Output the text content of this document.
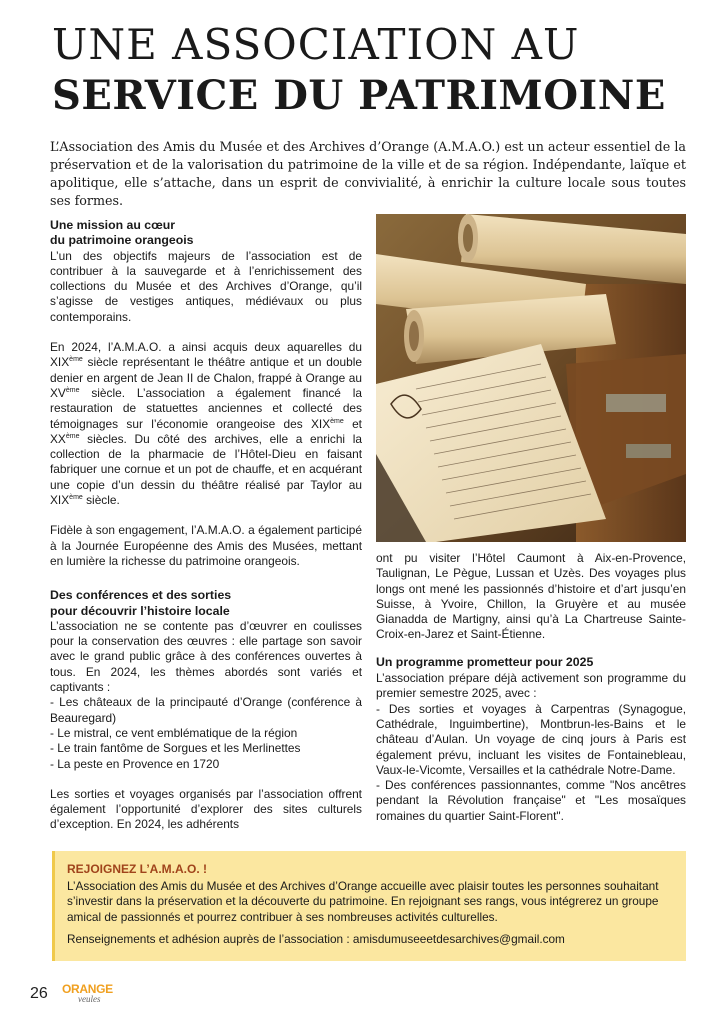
UNE ASSOCIATION AU
SERVICE DU PATRIMOINE
L’Association des Amis du Musée et des Archives d’Orange (A.M.A.O.) est un acteur essentiel de la préservation et de la valorisation du patrimoine de la ville et de sa région. Indépendante, laïque et apolitique, elle s’attache, dans un esprit de convivialité, à enrichir la culture locale sous toutes ses formes.
Une mission au cœur
du patrimoine orangeois

L’un des objectifs majeurs de l’association est de contribuer à la sauvegarde et à l’enrichissement des collections du Musée et des Archives d’Orange, qu’il s’agisse de vestiges antiques, médiévaux ou plus contemporains.

En 2024, l’A.M.A.O. a ainsi acquis deux aquarelles du XIXème siècle représentant le théâtre antique et un double denier en argent de Jean II de Chalon, frappé à Orange au XVème siècle. L’association a également financé la restauration de statuettes anciennes et collecté des témoignages sur l’économie orangeoise des XIXème et XXème siècles. Du côté des archives, elle a enrichi la collection de la pharmacie de l’Hôtel-Dieu en faisant fabriquer une cornue et un pot de chauffe, et en acquérant une copie d’un dessin du théâtre réalisé par Taylor au XIXème siècle.

Fidèle à son engagement, l’A.M.A.O. a également participé à la Journée Européenne des Amis des Musées, mettant en lumière la richesse du patrimoine orangeois.

Des conférences et des sorties
pour découvrir l’histoire locale

L’association ne se contente pas d’œuvrer en coulisses pour la conservation des œuvres : elle partage son savoir avec le grand public grâce à des conférences ouvertes à tous. En 2024, les thèmes abordés sont variés et captivants :

- Les châteaux de la principauté d’Orange (conférence à Beauregard)
- Le mistral, ce vent emblématique de la région
- Le train fantôme de Sorgues et les Merlinettes
- La peste en Provence en 1720

Les sorties et voyages organisés par l’association offrent également l’opportunité d’explorer des sites culturels d’exception. En 2024, les adhérents

ont pu visiter l’Hôtel Caumont à Aix-en-Provence, Taulignan, Le Pègue, Lussan et Uzès. Des voyages plus longs ont mené les passionnés d’histoire et d’art jusqu’en Suisse, à Yvoire, Chillon, la Gruyère et au musée Gianadda de Martigny, ainsi qu’à La Chartreuse Sainte-Croix-en-Jarez et Saint-Étienne.

Un programme prometteur pour 2025

L’association prépare déjà activement son programme du premier semestre 2025, avec :

- Des sorties et voyages à Carpentras (Synagogue, Cathédrale, Inguimbertine), Montbrun-les-Bains et le château d’Aulan. Un voyage de cinq jours à Paris est également prévu, incluant les visites de Fontainebleau, Vaux-le-Vicomte, Versailles et la cathédrale Notre-Dame.
- Des conférences passionnantes, comme "Nos ancêtres pendant la Révolution française" et "Les mosaïques romaines du quartier Saint-Florent".
REJOIGNEZ L’A.M.A.O. !

L’Association des Amis du Musée et des Archives d’Orange accueille avec plaisir toutes les personnes souhaitant s’investir dans la préservation et la découverte du patrimoine. En rejoignant ses rangs, vous intégrerez un groupe amical de passionnés et pourrez contribuer à ses nombreuses activités culturelles.

Renseignements et adhésion auprès de l’association : amisdumuseeetdesarchives@gmail.com

26 ORANGE
veules
